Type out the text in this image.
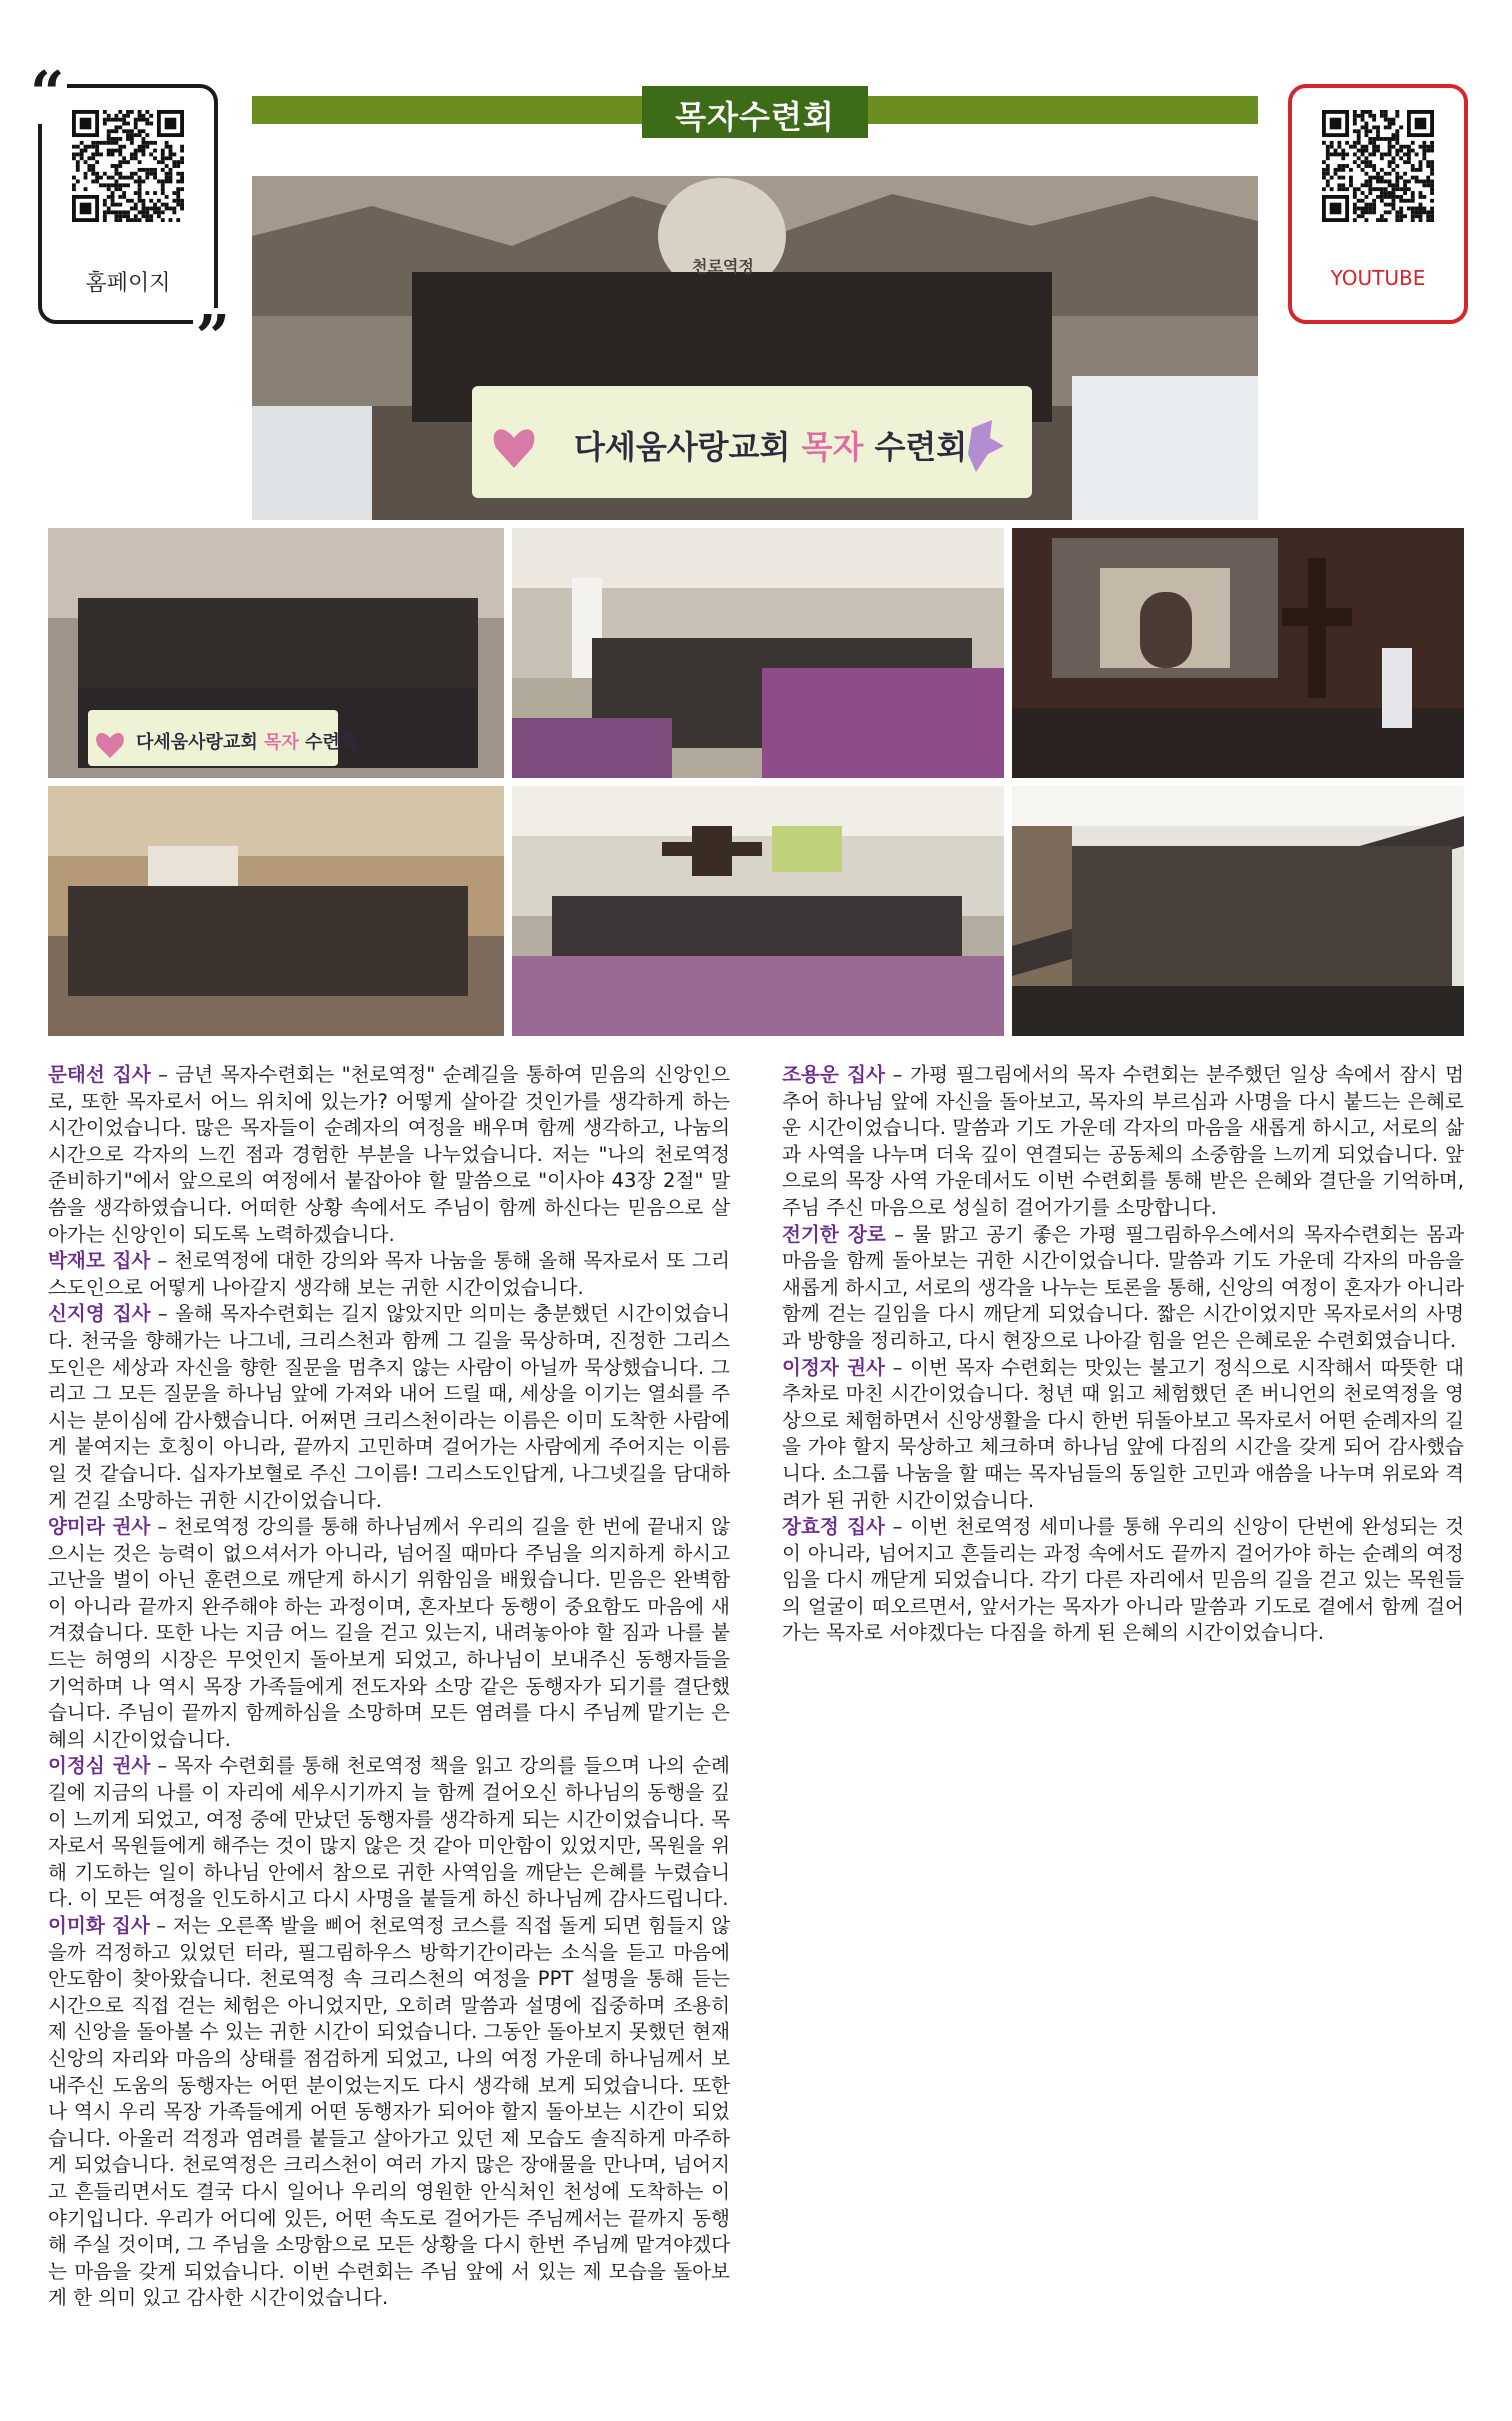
“
”
홈페이지	YOUTUBE
목자수련회
다세움사랑교회 목자 수련회
천로역정
다세움사랑교회 목자 수련회

문태선 집사 – 금년 목자수련회는 "천로역정" 순례길을 통하여 믿음의 신앙인으로, 또한 목자로서 어느 위치에 있는가? 어떻게 살아갈 것인가를 생각하게 하는 시간이었습니다. 많은 목자들이 순례자의 여정을 배우며 함께 생각하고, 나눔의 시간으로 각자의 느낀 점과 경험한 부분을 나누었습니다. 저는 "나의 천로역정 준비하기"에서 앞으로의 여정에서 붙잡아야 할 말씀으로 "이사야 43장 2절" 말씀을 생각하였습니다. 어떠한 상황 속에서도 주님이 함께 하신다는 믿음으로 살아가는 신앙인이 되도록 노력하겠습니다.

박재모 집사 – 천로역정에 대한 강의와 목자 나눔을 통해 올해 목자로서 또 그리스도인으로 어떻게 나아갈지 생각해 보는 귀한 시간이었습니다.

신지영 집사 – 올해 목자수련회는 길지 않았지만 의미는 충분했던 시간이었습니다. 천국을 향해가는 나그네, 크리스천과 함께 그 길을 묵상하며, 진정한 그리스도인은 세상과 자신을 향한 질문을 멈추지 않는 사람이 아닐까 묵상했습니다. 그리고 그 모든 질문을 하나님 앞에 가져와 내어 드릴 때, 세상을 이기는 열쇠를 주시는 분이심에 감사했습니다. 어쩌면 크리스천이라는 이름은 이미 도착한 사람에게 붙여지는 호칭이 아니라, 끝까지 고민하며 걸어가는 사람에게 주어지는 이름일 것 같습니다. 십자가보혈로 주신 그이름! 그리스도인답게, 나그넷길을 담대하게 걷길 소망하는 귀한 시간이었습니다.

양미라 권사 – 천로역정 강의를 통해 하나님께서 우리의 길을 한 번에 끝내지 않으시는 것은 능력이 없으셔서가 아니라, 넘어질 때마다 주님을 의지하게 하시고 고난을 벌이 아닌 훈련으로 깨닫게 하시기 위함임을 배웠습니다. 믿음은 완벽함이 아니라 끝까지 완주해야 하는 과정이며, 혼자보다 동행이 중요함도 마음에 새겨졌습니다. 또한 나는 지금 어느 길을 걷고 있는지, 내려놓아야 할 짐과 나를 붙드는 허영의 시장은 무엇인지 돌아보게 되었고, 하나님이 보내주신 동행자들을 기억하며 나 역시 목장 가족들에게 전도자와 소망 같은 동행자가 되기를 결단했습니다. 주님이 끝까지 함께하심을 소망하며 모든 염려를 다시 주님께 맡기는 은혜의 시간이었습니다.

이정심 권사 – 목자 수련회를 통해 천로역정 책을 읽고 강의를 들으며 나의 순례길에 지금의 나를 이 자리에 세우시기까지 늘 함께 걸어오신 하나님의 동행을 깊이 느끼게 되었고, 여정 중에 만났던 동행자를 생각하게 되는 시간이었습니다. 목자로서 목원들에게 해주는 것이 많지 않은 것 같아 미안함이 있었지만, 목원을 위해 기도하는 일이 하나님 안에서 참으로 귀한 사역임을 깨닫는 은혜를 누렸습니다. 이 모든 여정을 인도하시고 다시 사명을 붙들게 하신 하나님께 감사드립니다.

이미화 집사 – 저는 오른쪽 발을 삐어 천로역정 코스를 직접 돌게 되면 힘들지 않을까 걱정하고 있었던 터라, 필그림하우스 방학기간이라는 소식을 듣고 마음에 안도함이 찾아왔습니다. 천로역정 속 크리스천의 여정을 PPT 설명을 통해 듣는 시간으로 직접 걷는 체험은 아니었지만, 오히려 말씀과 설명에 집중하며 조용히 제 신앙을 돌아볼 수 있는 귀한 시간이 되었습니다. 그동안 돌아보지 못했던 현재 신앙의 자리와 마음의 상태를 점검하게 되었고, 나의 여정 가운데 하나님께서 보내주신 도움의 동행자는 어떤 분이었는지도 다시 생각해 보게 되었습니다. 또한 나 역시 우리 목장 가족들에게 어떤 동행자가 되어야 할지 돌아보는 시간이 되었습니다. 아울러 걱정과 염려를 붙들고 살아가고 있던 제 모습도 솔직하게 마주하게 되었습니다. 천로역정은 크리스천이 여러 가지 많은 장애물을 만나며, 넘어지고 흔들리면서도 결국 다시 일어나 우리의 영원한 안식처인 천성에 도착하는 이야기입니다. 우리가 어디에 있든, 어떤 속도로 걸어가든 주님께서는 끝까지 동행해 주실 것이며, 그 주님을 소망함으로 모든 상황을 다시 한번 주님께 맡겨야겠다는 마음을 갖게 되었습니다. 이번 수련회는 주님 앞에 서 있는 제 모습을 돌아보게 한 의미 있고 감사한 시간이었습니다.

조용운 집사 – 가평 필그림에서의 목자 수련회는 분주했던 일상 속에서 잠시 멈추어 하나님 앞에 자신을 돌아보고, 목자의 부르심과 사명을 다시 붙드는 은혜로운 시간이었습니다. 말씀과 기도 가운데 각자의 마음을 새롭게 하시고, 서로의 삶과 사역을 나누며 더욱 깊이 연결되는 공동체의 소중함을 느끼게 되었습니다. 앞으로의 목장 사역 가운데서도 이번 수련회를 통해 받은 은혜와 결단을 기억하며, 주님 주신 마음으로 성실히 걸어가기를 소망합니다.

전기한 장로 – 물 맑고 공기 좋은 가평 필그림하우스에서의 목자수련회는 몸과 마음을 함께 돌아보는 귀한 시간이었습니다. 말씀과 기도 가운데 각자의 마음을 새롭게 하시고, 서로의 생각을 나누는 토론을 통해, 신앙의 여정이 혼자가 아니라 함께 걷는 길임을 다시 깨닫게 되었습니다. 짧은 시간이었지만 목자로서의 사명과 방향을 정리하고, 다시 현장으로 나아갈 힘을 얻은 은혜로운 수련회였습니다.

이정자 권사 – 이번 목자 수련회는 맛있는 불고기 정식으로 시작해서 따뜻한 대추차로 마친 시간이었습니다. 청년 때 읽고 체험했던 존 버니언의 천로역정을 영상으로 체험하면서 신앙생활을 다시 한번 뒤돌아보고 목자로서 어떤 순례자의 길을 가야 할지 묵상하고 체크하며 하나님 앞에 다짐의 시간을 갖게 되어 감사했습니다. 소그룹 나눔을 할 때는 목자님들의 동일한 고민과 애씀을 나누며 위로와 격려가 된 귀한 시간이었습니다.

장효정 집사 – 이번 천로역정 세미나를 통해 우리의 신앙이 단번에 완성되는 것이 아니라, 넘어지고 흔들리는 과정 속에서도 끝까지 걸어가야 하는 순례의 여정임을 다시 깨닫게 되었습니다. 각기 다른 자리에서 믿음의 길을 걷고 있는 목원들의 얼굴이 떠오르면서, 앞서가는 목자가 아니라 말씀과 기도로 곁에서 함께 걸어가는 목자로 서야겠다는 다짐을 하게 된 은혜의 시간이었습니다.
